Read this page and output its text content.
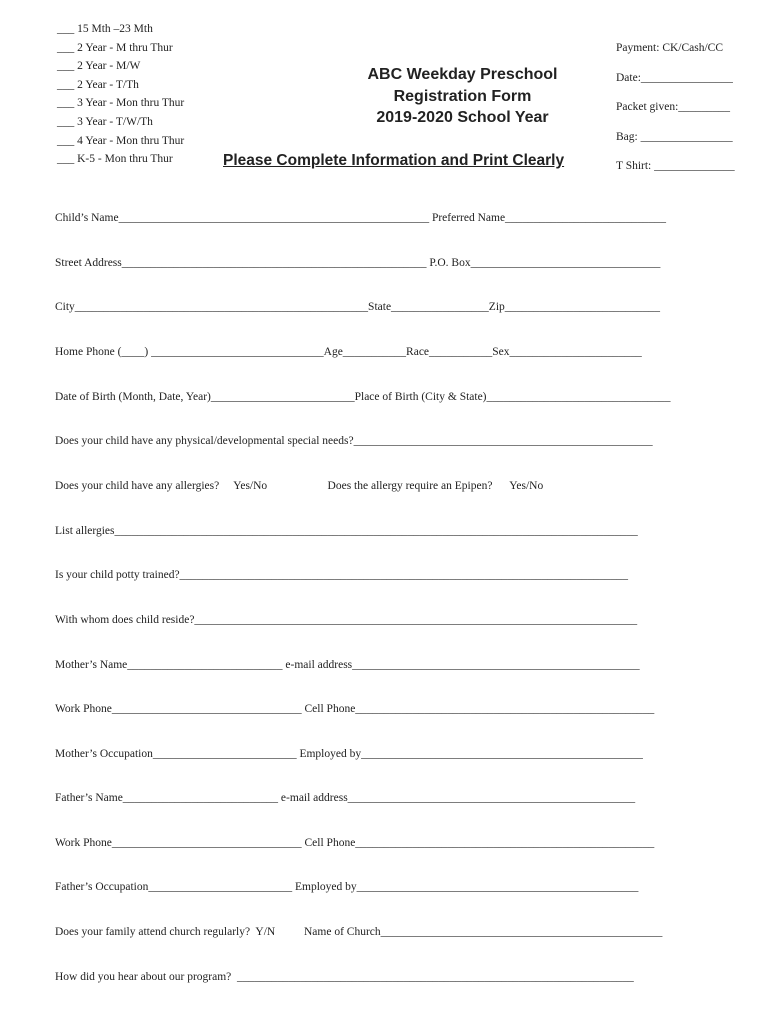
___ 15 Mth –23 Mth
___ 2 Year - M thru Thur
___ 2 Year - M/W
___ 2 Year - T/Th
___ 3 Year - Mon thru Thur
___ 3 Year - T/W/Th
___ 4 Year - Mon thru Thur
___ K-5 - Mon thru Thur
ABC Weekday Preschool
Registration Form
2019-2020 School Year
Please Complete Information and Print Clearly
Payment: CK/Cash/CC
Date:________________
Packet given:_________
Bag: ________________
T Shirt: ______________
Child’s Name______________________________________________________ Preferred Name____________________________
Street Address_____________________________________________________ P.O. Box_________________________________
City___________________________________________________State_________________Zip___________________________
Home Phone (____) ______________________________Age___________Race___________Sex_______________________
Date of Birth (Month, Date, Year)_________________________Place of Birth (City & State)________________________________
Does your child have any physical/developmental special needs?____________________________________________________
Does your child have any allergies?     Yes/No                     Does the allergy require an Epipen?      Yes/No
List allergies___________________________________________________________________________________________
Is your child potty trained?______________________________________________________________________________
With whom does child reside?_____________________________________________________________________________
Mother’s Name___________________________ e-mail address__________________________________________________
Work Phone_________________________________ Cell Phone____________________________________________________
Mother’s Occupation_________________________ Employed by_________________________________________________
Father’s Name___________________________ e-mail address__________________________________________________
Work Phone_________________________________ Cell Phone____________________________________________________
Father’s Occupation_________________________ Employed by_________________________________________________
Does your family attend church regularly?  Y/N          Name of Church_________________________________________________
How did you hear about our program?  _____________________________________________________________________
